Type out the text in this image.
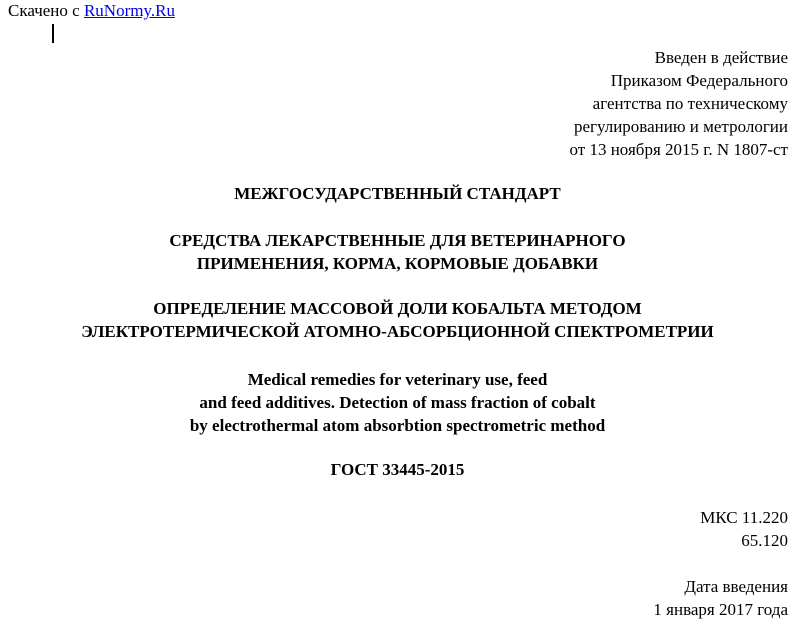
Скачено с RuNormy.Ru
Введен в действие
Приказом Федерального
агентства по техническому
регулированию и метрологии
от 13 ноября 2015 г. N 1807-ст
МЕЖГОСУДАРСТВЕННЫЙ СТАНДАРТ
СРЕДСТВА ЛЕКАРСТВЕННЫЕ ДЛЯ ВЕТЕРИНАРНОГО
ПРИМЕНЕНИЯ, КОРМА, КОРМОВЫЕ ДОБАВКИ
ОПРЕДЕЛЕНИЕ МАССОВОЙ ДОЛИ КОБАЛЬТА МЕТОДОМ
ЭЛЕКТРОТЕРМИЧЕСКОЙ АТОМНО-АБСОРБЦИОННОЙ СПЕКТРОМЕТРИИ
Medical remedies for veterinary use, feed
and feed additives. Detection of mass fraction of cobalt
by electrothermal atom absorbtion spectrometric method
ГОСТ 33445-2015
МКС 11.220
65.120
Дата введения
1 января 2017 года
